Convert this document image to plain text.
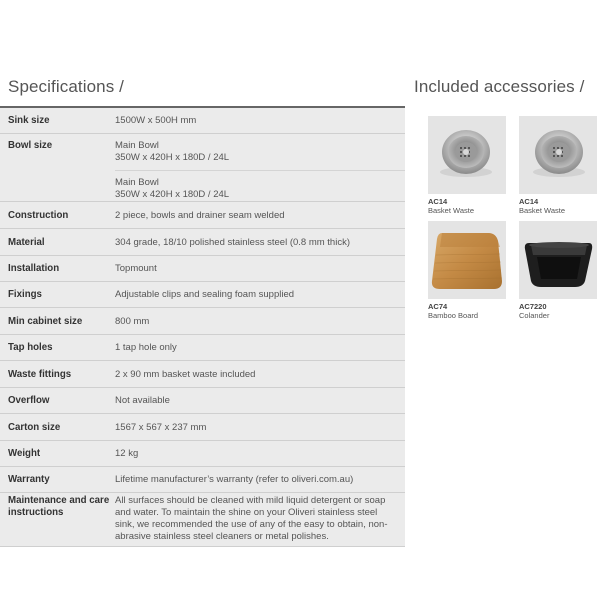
Specifications /	Included accessories /
Sink size	1500W x 500H mm

Bowl size	Main Bowl
350W x 420H x 180D / 24L
Main Bowl
350W x 420H x 180D / 24L

Construction	2 piece, bowls and drainer seam welded

Material	304 grade, 18/10 polished stainless steel (0.8 mm thick)

Installation	Topmount

Fixings	Adjustable clips and sealing foam supplied

Min cabinet size	800 mm

Tap holes	1 tap hole only

Waste fittings	2 x 90 mm basket waste included

Overflow	Not available

Carton size	1567 x 567 x 237 mm

Weight	12 kg

Warranty	Lifetime manufacturer’s warranty (refer to oliveri.com.au)

Maintenance and care instructions	All surfaces should be cleaned with mild liquid detergent or soap and water. To maintain the shine on your Oliveri stainless steel sink, we recommended the use of any of the easy to obtain, non-abrasive stainless steel cleaners or metal polishes.
AC14
Basket Waste
AC14
Basket Waste
AC74
Bamboo Board
AC7220
Colander
